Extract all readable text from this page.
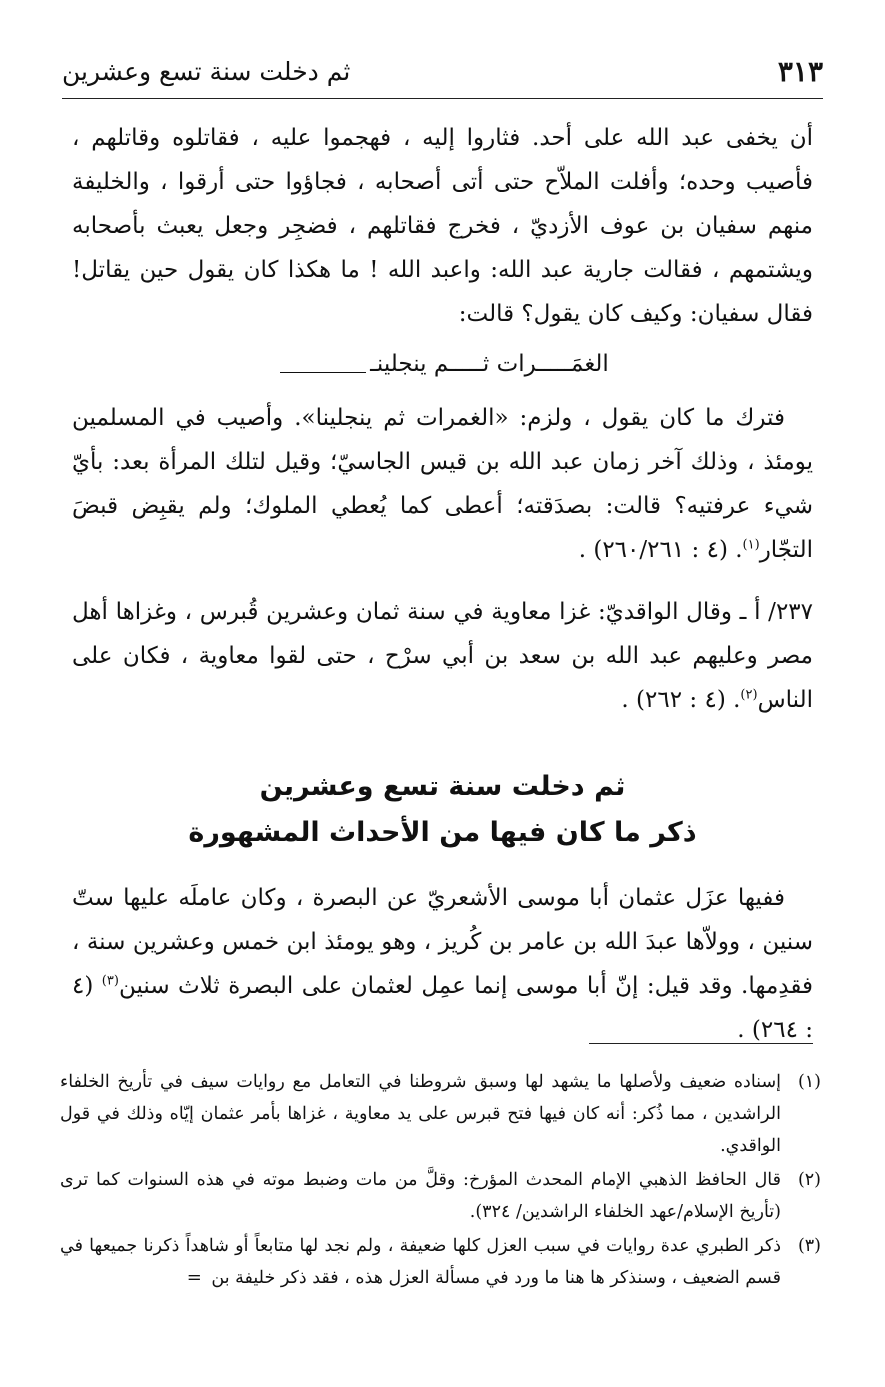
ثم دخلت سنة تسع وعشرين	٣١٣

أن يخفى عبد الله على أحد. فثاروا إليه ، فهجموا عليه ، فقاتلوه وقاتلهم ، فأصيب وحده؛ وأفلت الملاّح حتى أتى أصحابه ، فجاؤوا حتى أرقوا ، والخليفة منهم سفيان بن عوف الأزديّ ، فخرج فقاتلهم ، فضجِر وجعل يعبث بأصحابه ويشتمهم ، فقالت جارية عبد الله: واعبد الله ! ما هكذا كان يقول حين يقاتل! فقال سفيان: وكيف كان يقول؟ قالت:

الغمَـــــرات ثـــــم ينجلينـ

فترك ما كان يقول ، ولزم: «الغمرات ثم ينجلينا». وأصيب في المسلمين يومئذ ، وذلك آخر زمان عبد الله بن قيس الجاسيّ؛ وقيل لتلك المرأة بعد: بأيّ شيء عرفتيه؟ قالت: بصدَقته؛ أعطى كما يُعطي الملوك؛ ولم يقبِض قبضَ التجّار$^{(١)}$. (٤ : ٢٦٠/٢٦١) .

٢٣٧/ أ ـ وقال الواقديّ: غزا معاوية في سنة ثمان وعشرين قُبرس ، وغزاها أهل مصر وعليهم عبد الله بن سعد بن أبي سرْح ، حتى لقوا معاوية ، فكان على الناس$^{(٢)}$. (٤ : ٢٦٢) .

ثم دخلت سنة تسع وعشرين

ذكر ما كان فيها من الأحداث المشهورة

ففيها عزَل عثمان أبا موسى الأشعريّ عن البصرة ، وكان عاملَه عليها ستّ سنين ، وولاّها عبدَ الله بن عامر بن كُريز ، وهو يومئذ ابن خمس وعشرين سنة ، فقدِمها. وقد قيل: إنّ أبا موسى إنما عمِل لعثمان على البصرة ثلاث سنين$^{(٣)}$ (٤ : ٢٦٤) .

(١)
إسناده ضعيف ولأصلها ما يشهد لها وسبق شروطنا في التعامل مع روايات سيف في تأريخ الخلفاء الراشدين ، مما ذُكر: أنه كان فيها فتح قبرس على يد معاوية ، غزاها بأمر عثمان إيّاه وذلك في قول الواقدي.
(٢)
قال الحافظ الذهبي الإمام المحدث المؤرخ: وقلَّ من مات وضبط موته في هذه السنوات كما ترى (تأريخ الإسلام/عهد الخلفاء الراشدين/ ٣٢٤).
(٣)
ذكر الطبري عدة روايات في سبب العزل كلها ضعيفة ، ولم نجد لها متابعاً أو شاهداً ذكرنا جميعها في قسم الضعيف ، وسنذكر ها هنا ما ورد في مسألة العزل هذه ، فقد ذكر خليفة بن =
